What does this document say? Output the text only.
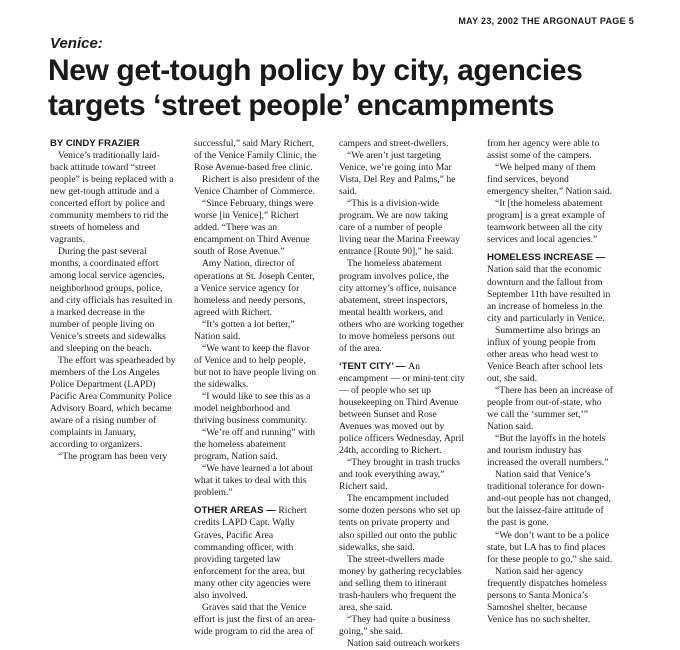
MAY 23, 2002 THE ARGONAUT PAGE 5
Venice:
New get-tough policy by city, agencies
targets ‘street people’ encampments
BY CINDY FRAZIER

Venice’s traditionally laid-back attitude toward “street people” is being replaced with a new get-tough attitude and a concerted effort by police and community members to rid the streets of homeless and vagrants.

During the past several months, a coordinated effort among local service agencies, neighborhood groups, police, and city officials has resulted in a marked decrease in the number of people living on Venice’s streets and sidewalks and sleeping on the beach.

The effort was spearheaded by members of the Los Angeles Police Department (LAPD) Pacific Area Community Police Advisory Board, which became aware of a rising number of complaints in January, according to organizers.

“The program has been very

successful,” said Mary Richert, of the Venice Family Clinic, the Rose Avenue-based free clinic.

Richert is also president of the Venice Chamber of Commerce.

“Since February, things were worse [in Venice],” Richert added. “There was an encampment on Third Avenue south of Rose Avenue.”

Amy Nation, director of operations at St. Joseph Center, a Venice service agency for homeless and needy persons, agreed with Richert.

“It’s gotten a lot better,” Nation said.

“We want to keep the flavor of Venice and to help people, but not to have people living on the sidewalks.

“I would like to see this as a model neighborhood and thriving business community.

“We’re off and running” with the homeless abatement program, Nation said.

“We have learned a lot about what it takes to deal with this problem.”

OTHER AREAS — Richert credits LAPD Capt. Wally Graves, Pacific Area commanding officer, with providing targeted law enforcement for the area, but many other city agencies were also involved.

Graves said that the Venice effort is just the first of an area-wide program to rid the area of

campers and street-dwellers.

“We aren’t just targeting Venice, we’re going into Mar Vista, Del Rey and Palms,” he said.

“This is a division-wide program. We are now taking care of a number of people living near the Marina Freeway entrance [Route 90],” he said.

The homeless abatement program involves police, the city attorney’s office, nuisance abatement, street inspectors, mental health workers, and others who are working together to move homeless persons out of the area.

‘TENT CITY’ — An encampment — or mini-tent city — of people who set up housekeeping on Third Avenue between Sunset and Rose Avenues was moved out by police officers Wednesday, April 24th, according to Richert.

“They brought in trash trucks and took everything away,” Richert said.

The encampment included some dozen persons who set up tents on private property and also spilled out onto the public sidewalks, she said.

The street-dwellers made money by gathering recyclables and selling them to itinerant trash-haulers who frequent the area, she said.

“They had quite a business going,” she said.

Nation said outreach workers

from her agency were able to assist some of the campers.

“We helped many of them find services, beyond emergency shelter,” Nation said.

“It [the homeless abatement program] is a great example of teamwork between all the city services and local agencies.”

HOMELESS INCREASE — Nation said that the economic downturn and the fallout from September 11th have resulted in an increase of homeless in the city and particularly in Venice.

Summertime also brings an influx of young people from other areas who head west to Venice Beach after school lets out, she said.

“There has been an increase of people from out-of-state, who we call the ‘summer set,’” Nation said.

“But the layoffs in the hotels and tourism industry has increased the overall numbers.”

Nation said that Venice’s traditional tolerance for down-and-out people has not changed, but the laissez-faire attitude of the past is gone.

“We don’t want to be a police state, but LA has to find places for these people to go,” she said.

Nation said her agency frequently dispatches homeless persons to Santa Monica’s Samoshel shelter, because Venice has no such shelter.
